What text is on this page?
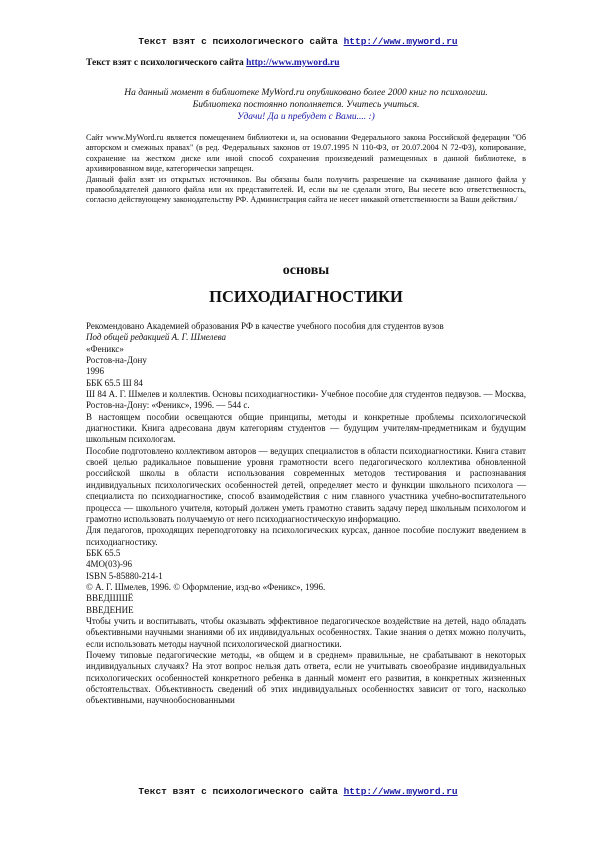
Текст взят с психологического сайта http://www.myword.ru
Текст взят с психологического сайта http://www.myword.ru
На данный момент в библиотеке MyWord.ru опубликовано более 2000 книг по психологии.
Библиотека постоянно пополняется. Учитесь учиться.
Удачи! Да и пребудет с Вами.... :)

Сайт www.MyWord.ru является помещением библиотеки и, на основании Федерального закона Российской федерации "Об авторском и смежных правах" (в ред. Федеральных законов от 19.07.1995 N 110-ФЗ, от 20.07.2004 N 72-ФЗ), копирование, сохранение на жестком диске или иной способ сохранения произведений размещенных в данной библиотеке, в архивированном виде, категорически запрещен.

Данный файл взят из открытых источников. Вы обязаны были получить разрешение на скачивание данного файла у правообладателей данного файла или их представителей. И, если вы не сделали этого, Вы несете всю ответственность, согласно действующему законодательству РФ. Администрация сайта не несет никакой ответственности за Ваши действия./

основы
ПСИХОДИАГНОСТИКИ

Рекомендовано Академией образования РФ в качестве учебного пособия для студентов вузов

Под общей редакцией А. Г. Шмелева

«Феникс»

Ростов-на-Дону

1996

ББК 65.5 Ш 84

Ш 84 А. Г. Шмелев и коллектив. Основы психодиагностики- Учебное пособие для студентов педвузов. — Москва, Ростов-на-Дону: «Феникс», 1996. — 544 с.

В настоящем пособии освещаются общие принципы, методы и конкретные проблемы психологической диагностики. Книга адресована двум категориям студентов — будущим учителям-предметникам и будущим школьным психологам.

Пособие подготовлено коллективом авторов — ведущих специалистов в области психодиагностики. Книга ставит своей целью радикальное повышение уровня грамотности всего педагогического коллектива обновленной российской школы в области использования современных методов тестирования и распознавания индивидуальных психологических особенностей детей, определяет место и функции школьного психолога — специалиста по психодиагностике, способ взаимодействия с ним главного участника учебно-воспитательного процесса — школьного учителя, который должен уметь грамотно ставить задачу перед школьным психологом и грамотно использовать получаемую от него психодиагностическую информацию.

Для педагогов, проходящих переподготовку на психологических курсах, данное пособие послужит введением в психодиагностику.

ББК 65.5

4МО(03)-96

ISBN 5-85880-214-1

© А. Г. Шмелев, 1996. © Оформление, изд-во «Феникс», 1996.

ВВЕДШШЁ

ВВЕДЕНИЕ

Чтобы учить и воспитывать, чтобы оказывать эффективное педагогическое воздействие на детей, надо обладать объективными научными знаниями об их индивидуальных особенностях. Такие знания о детях можно получить, если использовать методы научной психологической диагностики.

Почему типовые педагогические методы, «в общем и в среднем» правильные, не срабатывают в некоторых индивидуальных случаях? На этот вопрос нельзя дать ответа, если не учитывать своеобразие индивидуальных психологических особенностей конкретного ребенка в данный момент его развития, в конкретных жизненных обстоятельствах. Объективность сведений об этих индивидуальных особенностях зависит от того, насколько объективными, научнообоснованными

Текст взят с психологического сайта http://www.myword.ru
